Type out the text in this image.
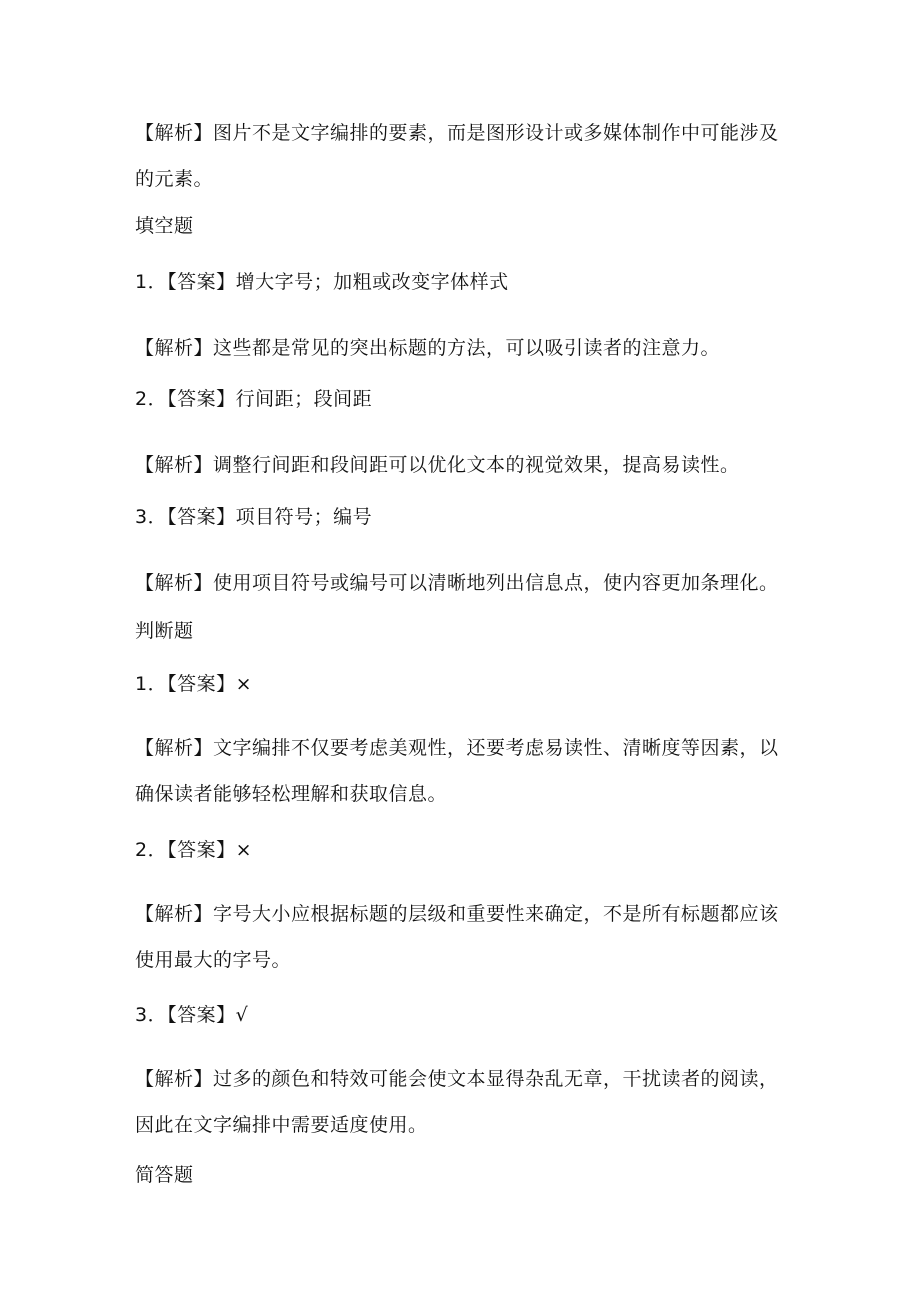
【解析】图片不是文字编排的要素，而是图形设计或多媒体制作中可能涉及的元素。
填空题
1．【答案】增大字号；加粗或改变字体样式
【解析】这些都是常见的突出标题的方法，可以吸引读者的注意力。
2．【答案】行间距；段间距
【解析】调整行间距和段间距可以优化文本的视觉效果，提高易读性。
3．【答案】项目符号；编号
【解析】使用项目符号或编号可以清晰地列出信息点，使内容更加条理化。
判断题
1．【答案】×
【解析】文字编排不仅要考虑美观性，还要考虑易读性、清晰度等因素，以确保读者能够轻松理解和获取信息。
2．【答案】×
【解析】字号大小应根据标题的层级和重要性来确定，不是所有标题都应该使用最大的字号。
3．【答案】√
【解析】过多的颜色和特效可能会使文本显得杂乱无章，干扰读者的阅读，因此在文字编排中需要适度使用。
简答题
